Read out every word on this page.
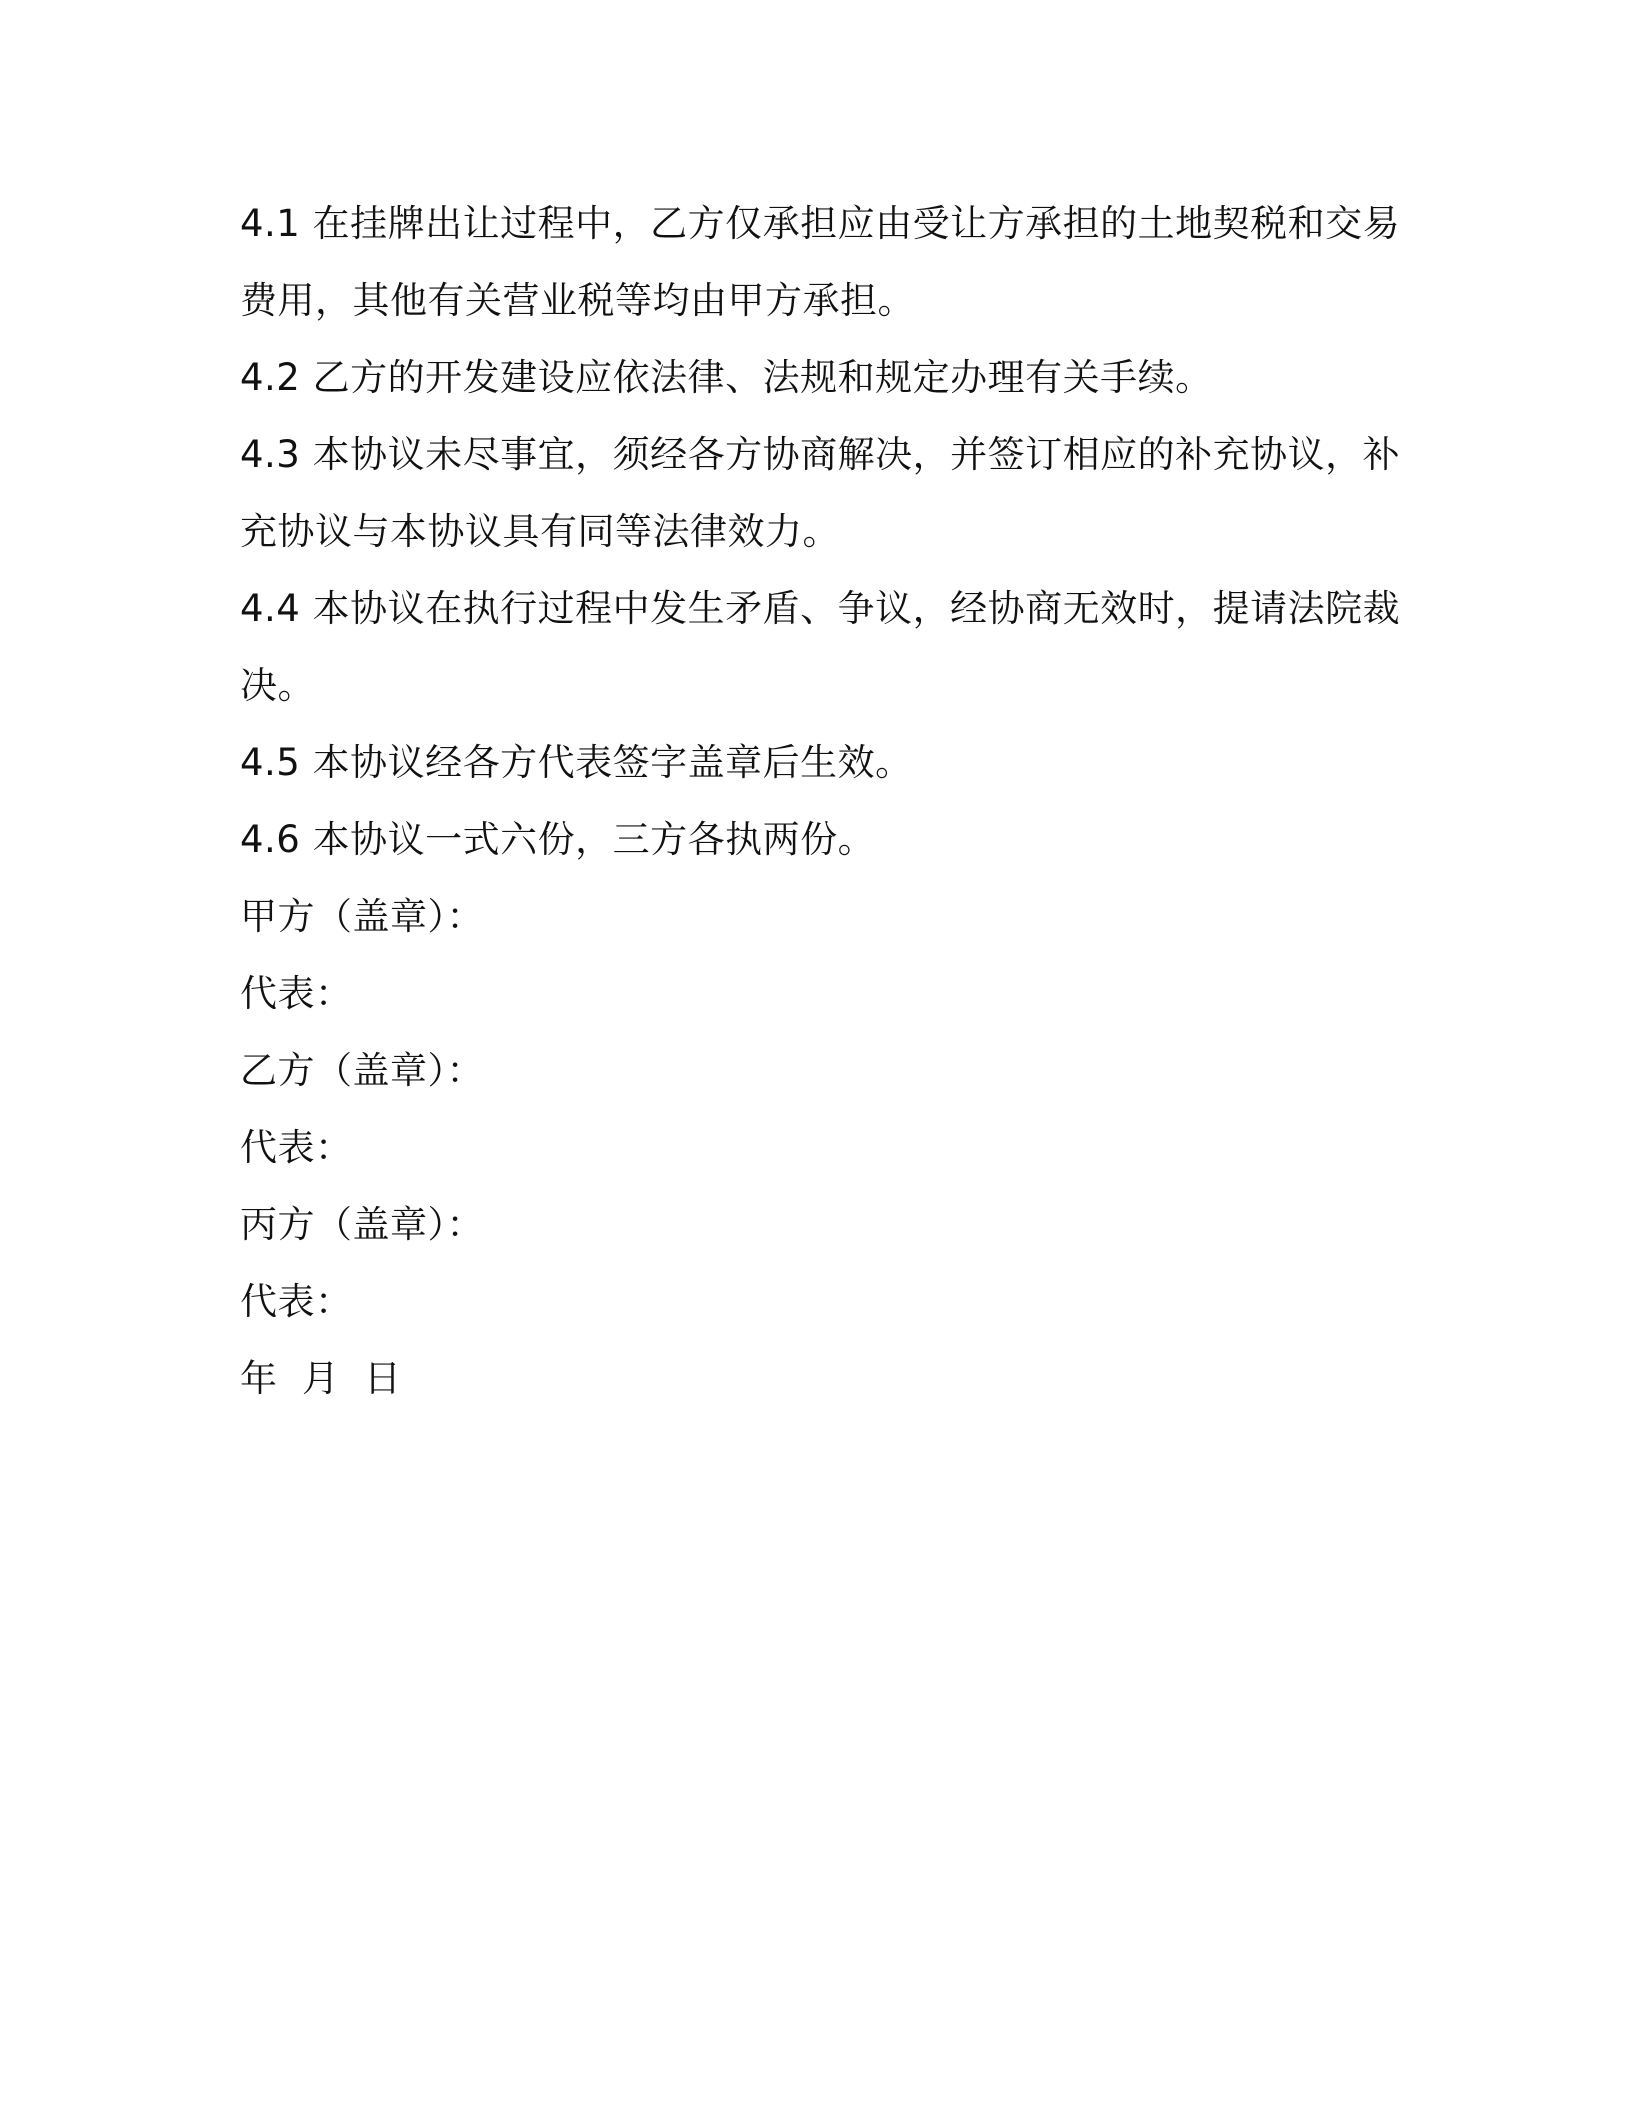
4.1 在挂牌出让过程中，乙方仅承担应由受让方承担的土地契税和交易

费用，其他有关营业税等均由甲方承担。

4.2 乙方的开发建设应依法律、法规和规定办理有关手续。

4.3 本协议未尽事宜，须经各方协商解决，并签订相应的补充协议，补

充协议与本协议具有同等法律效力。

4.4 本协议在执行过程中发生矛盾、争议，经协商无效时，提请法院裁

决。

4.5 本协议经各方代表签字盖章后生效。

4.6 本协议一式六份，三方各执两份。

甲方（盖章）：

代表：

乙方（盖章）：

代表：

丙方（盖章）：

代表：

年  月  日
